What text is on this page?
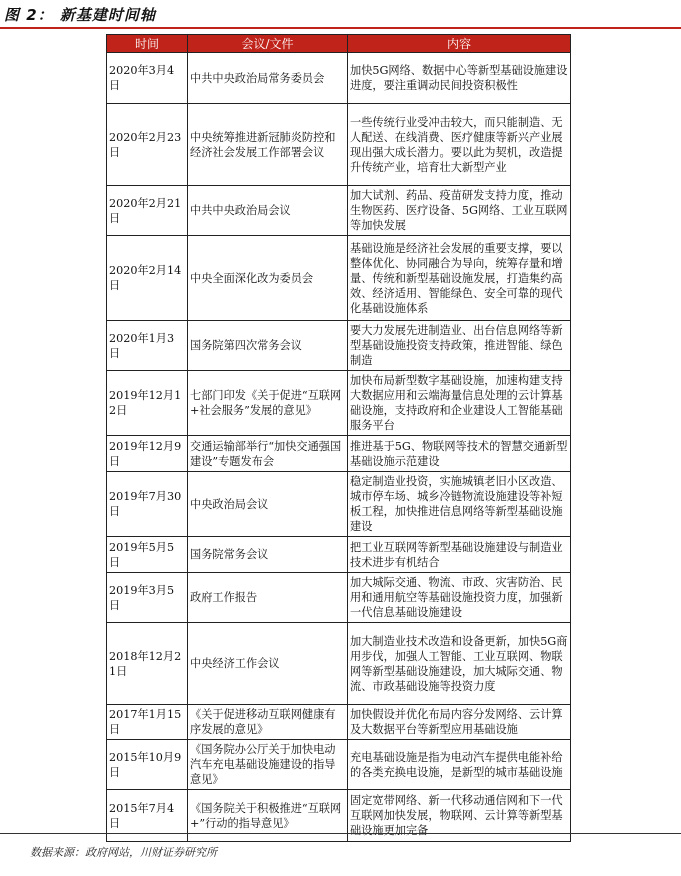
图 2： 新基建时间轴
时间	会议/文件	内容
2020年3月4日	中共中央政治局常务委员会	加快5G网络、数据中心等新型基础设施建设进度，要注重调动民间投资积极性
2020年2月23日	中央统筹推进新冠肺炎防控和经济社会发展工作部署会议	一些传统行业受冲击较大，而只能制造、无人配送、在线消费、医疗健康等新兴产业展现出强大成长潜力。要以此为契机，改造提升传统产业，培育壮大新型产业
2020年2月21日	中共中央政治局会议	加大试剂、药品、疫苗研发支持力度，推动生物医药、医疗设备、5G网络、工业互联网等加快发展
2020年2月14日	中央全面深化改为委员会	基础设施是经济社会发展的重要支撑，要以整体优化、协同融合为导向，统筹存量和增量、传统和新型基础设施发展，打造集约高效、经济适用、智能绿色、安全可靠的现代化基础设施体系
2020年1月3日	国务院第四次常务会议	要大力发展先进制造业、出台信息网络等新型基础设施投资支持政策，推进智能、绿色制造
2019年12月12日	七部门印发《关于促进“互联网+社会服务”发展的意见》	加快布局新型数字基础设施，加速构建支持大数据应用和云端海量信息处理的云计算基础设施，支持政府和企业建设人工智能基础服务平台
2019年12月9日	交通运输部举行“加快交通强国建设”专题发布会	推进基于5G、物联网等技术的智慧交通新型基础设施示范建设
2019年7月30日	中央政治局会议	稳定制造业投资，实施城镇老旧小区改造、城市停车场、城乡冷链物流设施建设等补短板工程，加快推进信息网络等新型基础设施建设
2019年5月5日	国务院常务会议	把工业互联网等新型基础设施建设与制造业技术进步有机结合
2019年3月5日	政府工作报告	加大城际交通、物流、市政、灾害防治、民用和通用航空等基础设施投资力度，加强新一代信息基础设施建设
2018年12月21日	中央经济工作会议	加大制造业技术改造和设备更新，加快5G商用步伐，加强人工智能、工业互联网、物联网等新型基础设施建设，加大城际交通、物流、市政基础设施等投资力度
2017年1月15日	《关于促进移动互联网健康有序发展的意见》	加快假设并优化布局内容分发网络、云计算及大数据平台等新型应用基础设施
2015年10月9日	《国务院办公厅关于加快电动汽车充电基础设施建设的指导意见》	充电基础设施是指为电动汽车提供电能补给的各类充换电设施，是新型的城市基础设施
2015年7月4日	《国务院关于积极推进“互联网+”行动的指导意见》	固定宽带网络、新一代移动通信网和下一代互联网加快发展，物联网、云计算等新型基础设施更加完备
数据来源：政府网站，川财证券研究所
